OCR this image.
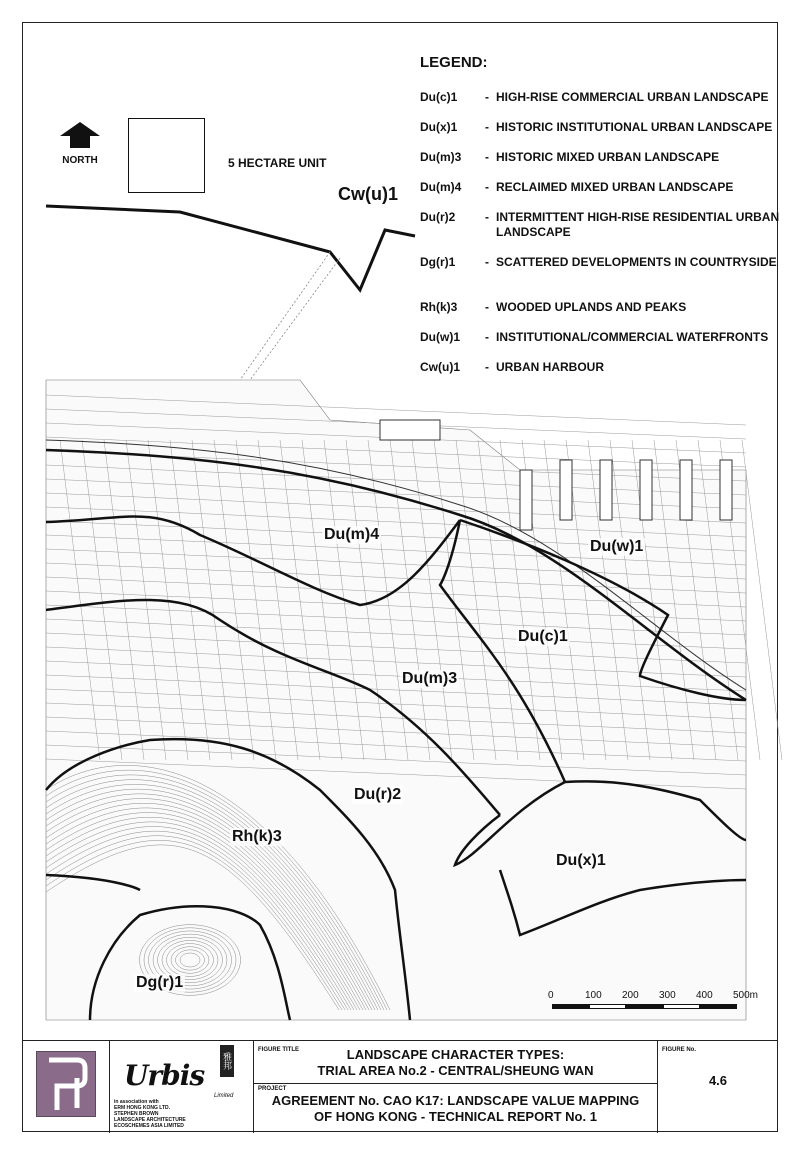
LEGEND:
Du(c)1	- HIGH-RISE COMMERCIAL URBAN LANDSCAPE
Du(x)1	- HISTORIC INSTITUTIONAL URBAN LANDSCAPE
Du(m)3	- HISTORIC MIXED URBAN LANDSCAPE
Du(m)4	- RECLAIMED MIXED URBAN LANDSCAPE
Du(r)2	- INTERMITTENT HIGH-RISE RESIDENTIAL URBAN LANDSCAPE
Dg(r)1	- SCATTERED DEVELOPMENTS IN COUNTRYSIDE
Rh(k)3	- WOODED UPLANDS AND PEAKS
Du(w)1	- INSTITUTIONAL/COMMERCIAL WATERFRONTS
Cw(u)1	- URBAN HARBOUR
NORTH	5 HECTARE UNIT
Cw(u)1
Du(m)4
Du(w)1
Du(c)1
Du(m)3
Du(r)2
Rh(k)3
Du(x)1
Dg(r)1
0	100 200 300 400 500m
Urbis
Limited
雅邦
in association with
ERM HONG KONG LTD.
STEPHEN BROWN
LANDSCAPE ARCHITECTURE
ECOSCHEMES ASIA LIMITED
FIGURE TITLE	LANDSCAPE CHARACTER TYPES:
TRIAL AREA No.2 - CENTRAL/SHEUNG WAN
PROJECT
AGREEMENT No. CAO K17: LANDSCAPE VALUE MAPPING
OF HONG KONG - TECHNICAL REPORT No. 1
FIGURE No.
4.6
